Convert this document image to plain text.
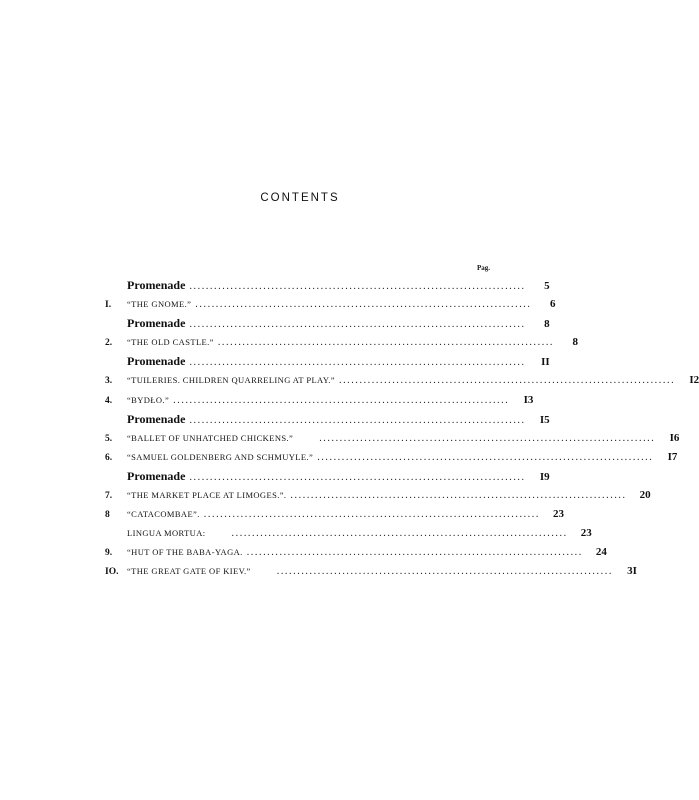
CONTENTS
Pag.
Promenade ..................................................................................	5
I.	“THE GNOME.” ..................................................................................	6
Promenade ..................................................................................	8
2.	“THE OLD CASTLE.” ..................................................................................	8
Promenade ..................................................................................	II
3.	“TUILERIES. CHILDREN QUARRELING AT PLAY.” ..................................................................................	I2
4.	“BYDŁO.” ..................................................................................	I3
Promenade ..................................................................................	I5
5.	“BALLET OF UNHATCHED CHICKENS.”	..................................................................................	I6
6.	“SAMUEL GOLDENBERG AND SCHMUYLE.” ..................................................................................	I7
Promenade ..................................................................................	I9
7.	“THE MARKET PLACE AT LIMOGES.”. ..................................................................................	20
8	“CATACOMBAE”. ..................................................................................	23
LINGUA MORTUA:	..................................................................................	23
9.	“HUT OF THE BABA-YAGA. ..................................................................................	24
IO.	“THE GREAT GATE OF KIEV.”	..................................................................................	3I
